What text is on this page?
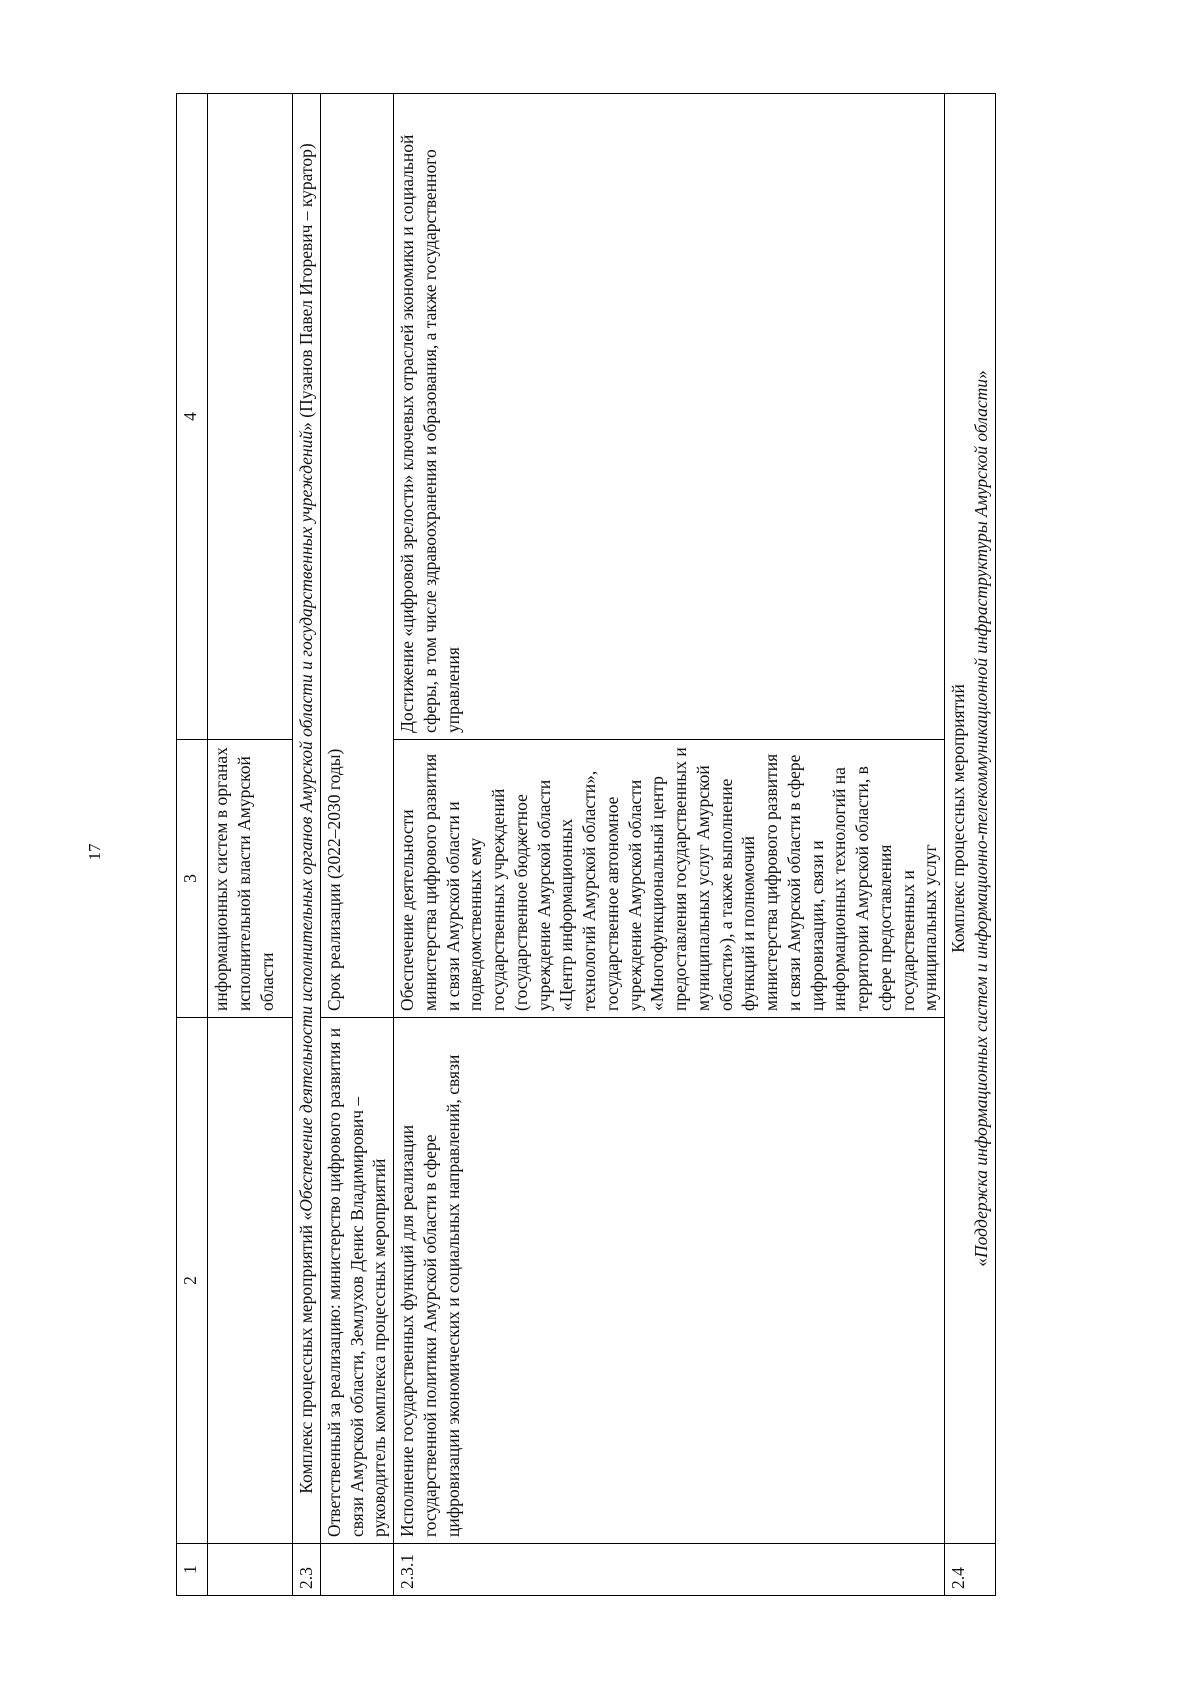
17
1	2	3	4
		информационных систем в органах исполнительной власти Амурской области	
2.3	Комплекс процессных мероприятий «Обеспечение деятельности исполнительных органов Амурской области и государственных учреждений» (Пузанов Павел Игоревич – куратор)		
	Ответственный за реализацию: министерство цифрового развития и связи Амурской области, Землухов Денис Владимирович – руководитель комплекса процессных мероприятий	Срок реализации (2022–2030 годы)	
2.3.1	Исполнение государственных функций для реализации государственной политики Амурской области в сфере цифровизации экономических и социальных направлений, связи	Обеспечение деятельности министерства цифрового развития и связи Амурской области и подведомственных ему государственных учреждений (государственное бюджетное учреждение Амурской области «Центр информационных технологий Амурской области», государственное автономное учреждение Амурской области «Многофункциональный центр предоставления государственных и муниципальных услуг Амурской области»), а также выполнение функций и полномочий министерства цифрового развития и связи Амурской области в сфере цифровизации, связи и информационных технологий на территории Амурской области, в сфере предоставления государственных и муниципальных услуг	Достижение «цифровой зрелости» ключевых отраслей экономики и социальной сферы, в том числе здравоохранения и образования, а также государственного управления
2.4	Комплекс процессных мероприятий
«Поддержка информационных систем и информационно-телекоммуникационной инфраструктуры Амурской области»		
